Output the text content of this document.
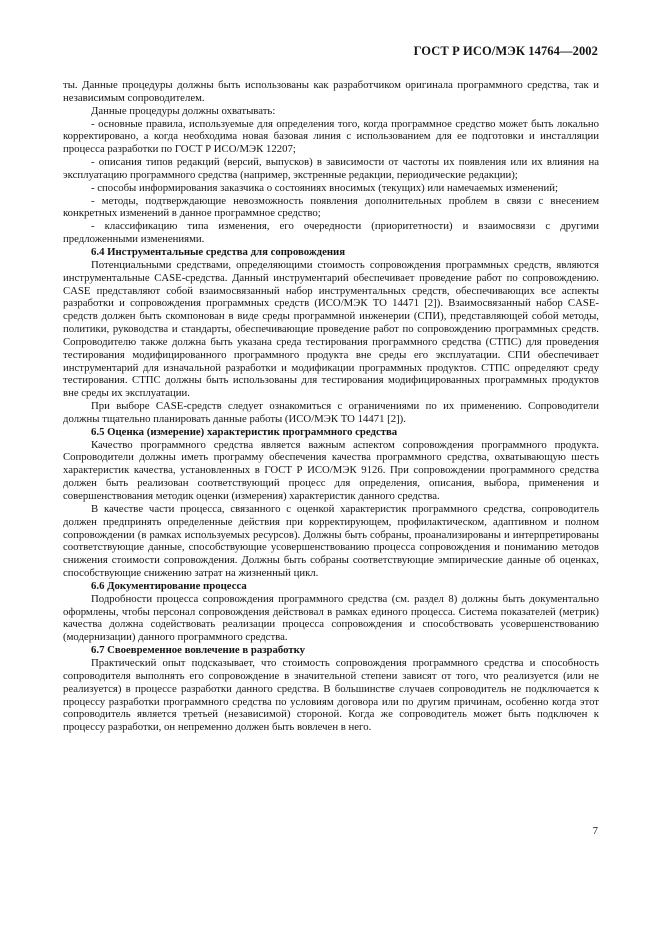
ГОСТ Р ИСО/МЭК 14764—2002

ты. Данные процедуры должны быть использованы как разработчиком оригинала программного средства, так и независимым сопроводителем.

Данные процедуры должны охватывать:

- основные правила, используемые для определения того, когда программное средство может быть локально корректировано, а когда необходима новая базовая линия с использованием для ее подготовки и инсталляции процесса разработки по ГОСТ Р ИСО/МЭК 12207;

- описания типов редакций (версий, выпусков) в зависимости от частоты их появления или их влияния на эксплуатацию программного средства (например, экстренные редакции, периодические редакции);

- способы информирования заказчика о состояниях вносимых (текущих) или намечаемых изменений;

- методы, подтверждающие невозможность появления дополнительных проблем в связи с внесением конкретных изменений в данное программное средство;

- классификацию типа изменения, его очередности (приоритетности) и взаимосвязи с другими предложенными изменениями.

6.4 Инструментальные средства для сопровождения

Потенциальными средствами, определяющими стоимость сопровождения программных средств, являются инструментальные CASE-средства. Данный инструментарий обеспечивает проведение работ по сопровождению. CASE представляют собой взаимосвязанный набор инструментальных средств, обеспечивающих все аспекты разработки и сопровождения программных средств (ИСО/МЭК ТО 14471 [2]). Взаимосвязанный набор CASE-средств должен быть скомпонован в виде среды программной инженерии (СПИ), представляющей собой методы, политики, руководства и стандарты, обеспечивающие проведение работ по сопровождению программных средств. Сопроводителю также должна быть указана среда тестирования программного средства (СТПС) для проведения тестирования модифицированного программного продукта вне среды его эксплуатации. СПИ обеспечивает инструментарий для изначальной разработки и модификации программных продуктов. СТПС определяют среду тестирования. СТПС должны быть использованы для тестирования модифицированных программных продуктов вне среды их эксплуатации.

При выборе CASE-средств следует ознакомиться с ограничениями по их применению. Сопроводители должны тщательно планировать данные работы (ИСО/МЭК ТО 14471 [2]).

6.5 Оценка (измерение) характеристик программного средства

Качество программного средства является важным аспектом сопровождения программного продукта. Сопроводители должны иметь программу обеспечения качества программного средства, охватывающую шесть характеристик качества, установленных в ГОСТ Р ИСО/МЭК 9126. При сопровождении программного средства должен быть реализован соответствующий процесс для определения, описания, выбора, применения и совершенствования методик оценки (измерения) характеристик данного средства.

В качестве части процесса, связанного с оценкой характеристик программного средства, сопроводитель должен предпринять определенные действия при корректирующем, профилактическом, адаптивном и полном сопровождении (в рамках используемых ресурсов). Должны быть собраны, проанализированы и интерпретированы соответствующие данные, способствующие усовершенствованию процесса сопровождения и пониманию методов снижения стоимости сопровождения. Должны быть собраны соответствующие эмпирические данные об оценках, способствующие снижению затрат на жизненный цикл.

6.6 Документирование процесса

Подробности процесса сопровождения программного средства (см. раздел 8) должны быть документально оформлены, чтобы персонал сопровождения действовал в рамках единого процесса. Система показателей (метрик) качества должна содействовать реализации процесса сопровождения и способствовать усовершенствованию (модернизации) данного программного средства.

6.7 Своевременное вовлечение в разработку

Практический опыт подсказывает, что стоимость сопровождения программного средства и способность сопроводителя выполнять его сопровождение в значительной степени зависят от того, что реализуется (или не реализуется) в процессе разработки данного средства. В большинстве случаев сопроводитель не подключается к процессу разработки программного средства по условиям договора или по другим причинам, особенно когда этот сопроводитель является третьей (независимой) стороной. Когда же сопроводитель может быть подключен к процессу разработки, он непременно должен быть вовлечен в него.

7
